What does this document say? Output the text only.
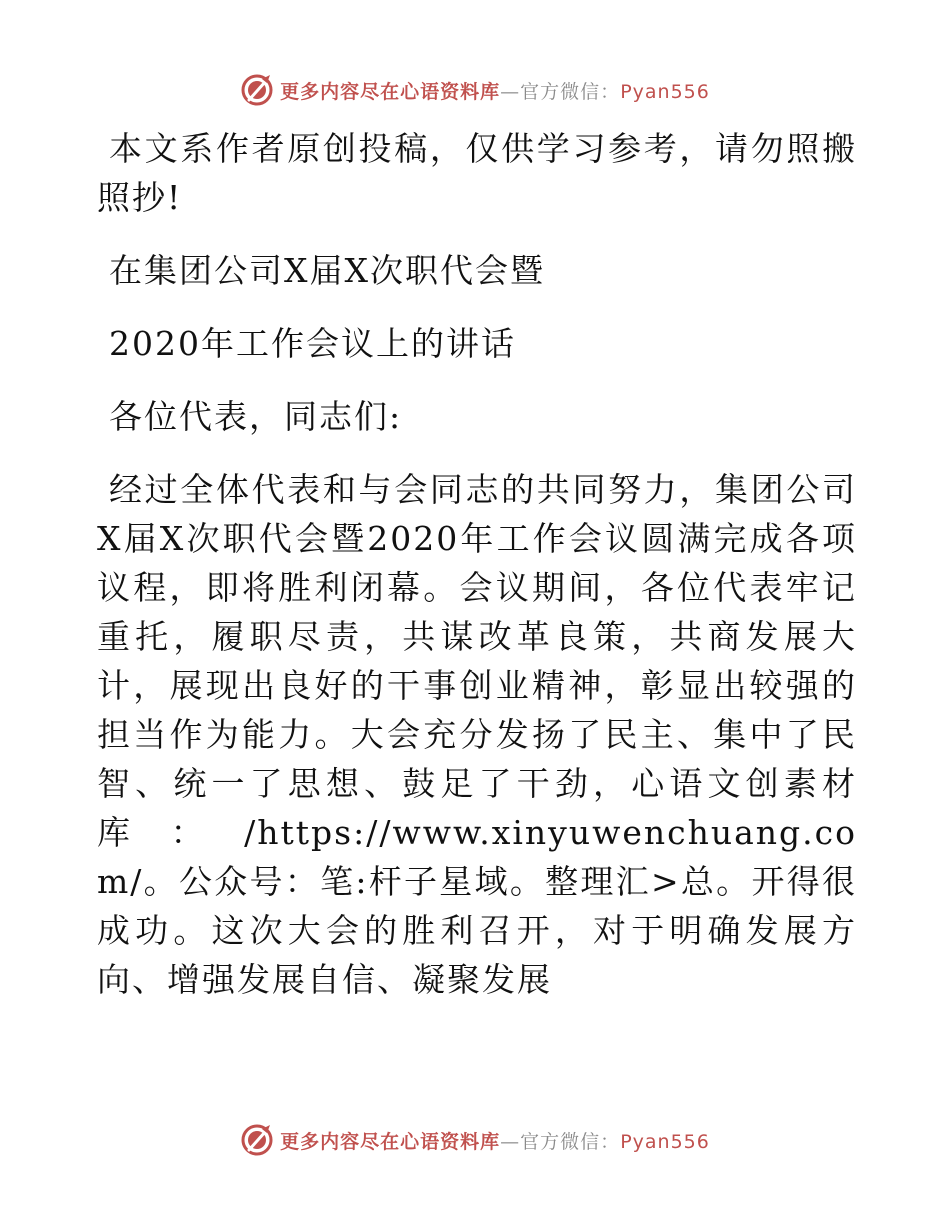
更多内容尽在心语资料库—官方微信：Pyan556

本文系作者原创投稿，仅供学习参考，请勿照搬照抄!

在集团公司X届X次职代会暨

2020年工作会议上的讲话

各位代表，同志们:

经过全体代表和与会同志的共同努力，集团公司X届X次职代会暨2020年工作会议圆满完成各项议程，即将胜利闭幕。会议期间，各位代表牢记重托，履职尽责，共谋改革良策，共商发展大计，展现出良好的干事创业精神，彰显出较强的担当作为能力。大会充分发扬了民主、集中了民智、统一了思想、鼓足了干劲，心语文创素材库：/https://www.xinyuwenchuang.com/。公众号：笔:杆子星域。整理汇>总。开得很成功。这次大会的胜利召开，对于明确发展方向、增强发展自信、凝聚发展

更多内容尽在心语资料库—官方微信：Pyan556
